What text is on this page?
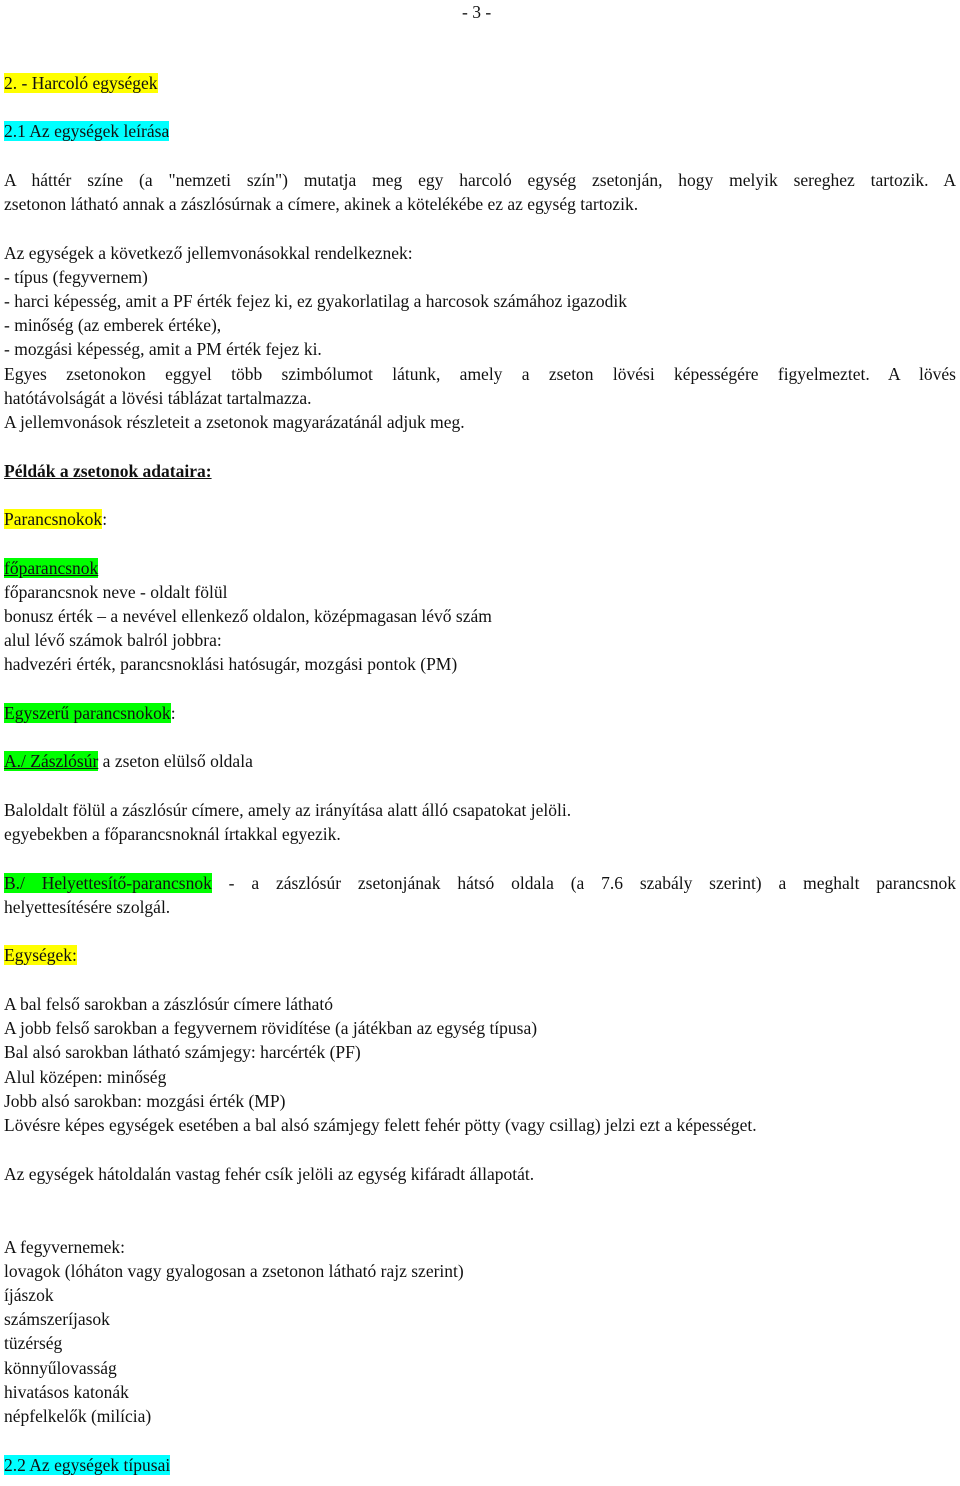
- 3 -
2. - Harcoló egységek
2.1 Az egységek leírása
A háttér színe (a "nemzeti szín") mutatja meg egy harcoló egység zsetonján, hogy melyik sereghez tartozik. A
zsetonon látható annak a zászlósúrnak a címere, akinek a kötelékébe ez az egység tartozik.
Az egységek a következő jellemvonásokkal rendelkeznek:
- típus (fegyvernem)
- harci képesség, amit a PF érték fejez ki, ez gyakorlatilag a harcosok számához igazodik
- minőség (az emberek értéke),
- mozgási képesség, amit a PM érték fejez ki.
Egyes zsetonokon eggyel több szimbólumot látunk, amely a zseton lövési képességére figyelmeztet. A lövés
hatótávolságát a lövési táblázat tartalmazza.
A jellemvonások részleteit a zsetonok magyarázatánál adjuk meg.
Példák a zsetonok adataira:
Parancsnokok:
főparancsnok
főparancsnok neve - oldalt fölül
bonusz érték – a nevével ellenkező oldalon, középmagasan lévő szám
alul lévő számok balról jobbra:
hadvezéri érték, parancsnoklási hatósugár, mozgási pontok (PM)
Egyszerű parancsnokok:
A./ Zászlósúr a zseton elülső oldala
Baloldalt fölül a zászlósúr címere, amely az irányítása alatt álló csapatokat jelöli.
egyebekben a főparancsnoknál írtakkal egyezik.
B./ Helyettesítő-parancsnok - a zászlósúr zsetonjának hátsó oldala (a 7.6 szabály szerint) a meghalt parancsnok
helyettesítésére szolgál.
Egységek:
A bal felső sarokban a zászlósúr címere látható
A jobb felső sarokban a fegyvernem rövidítése (a játékban az egység típusa)
Bal alsó sarokban látható számjegy: harcérték (PF)
Alul középen: minőség
Jobb alsó sarokban: mozgási érték (MP)
Lövésre képes egységek esetében a bal alsó számjegy felett fehér pötty (vagy csillag) jelzi ezt a képességet.
Az egységek hátoldalán vastag fehér csík jelöli az egység kifáradt állapotát.
A fegyvernemek:
lovagok (lóháton vagy gyalogosan a zsetonon látható rajz szerint)
íjászok
számszeríjasok
tüzérség
könnyűlovasság
hivatásos katonák
népfelkelők (milícia)
2.2 Az egységek típusai
